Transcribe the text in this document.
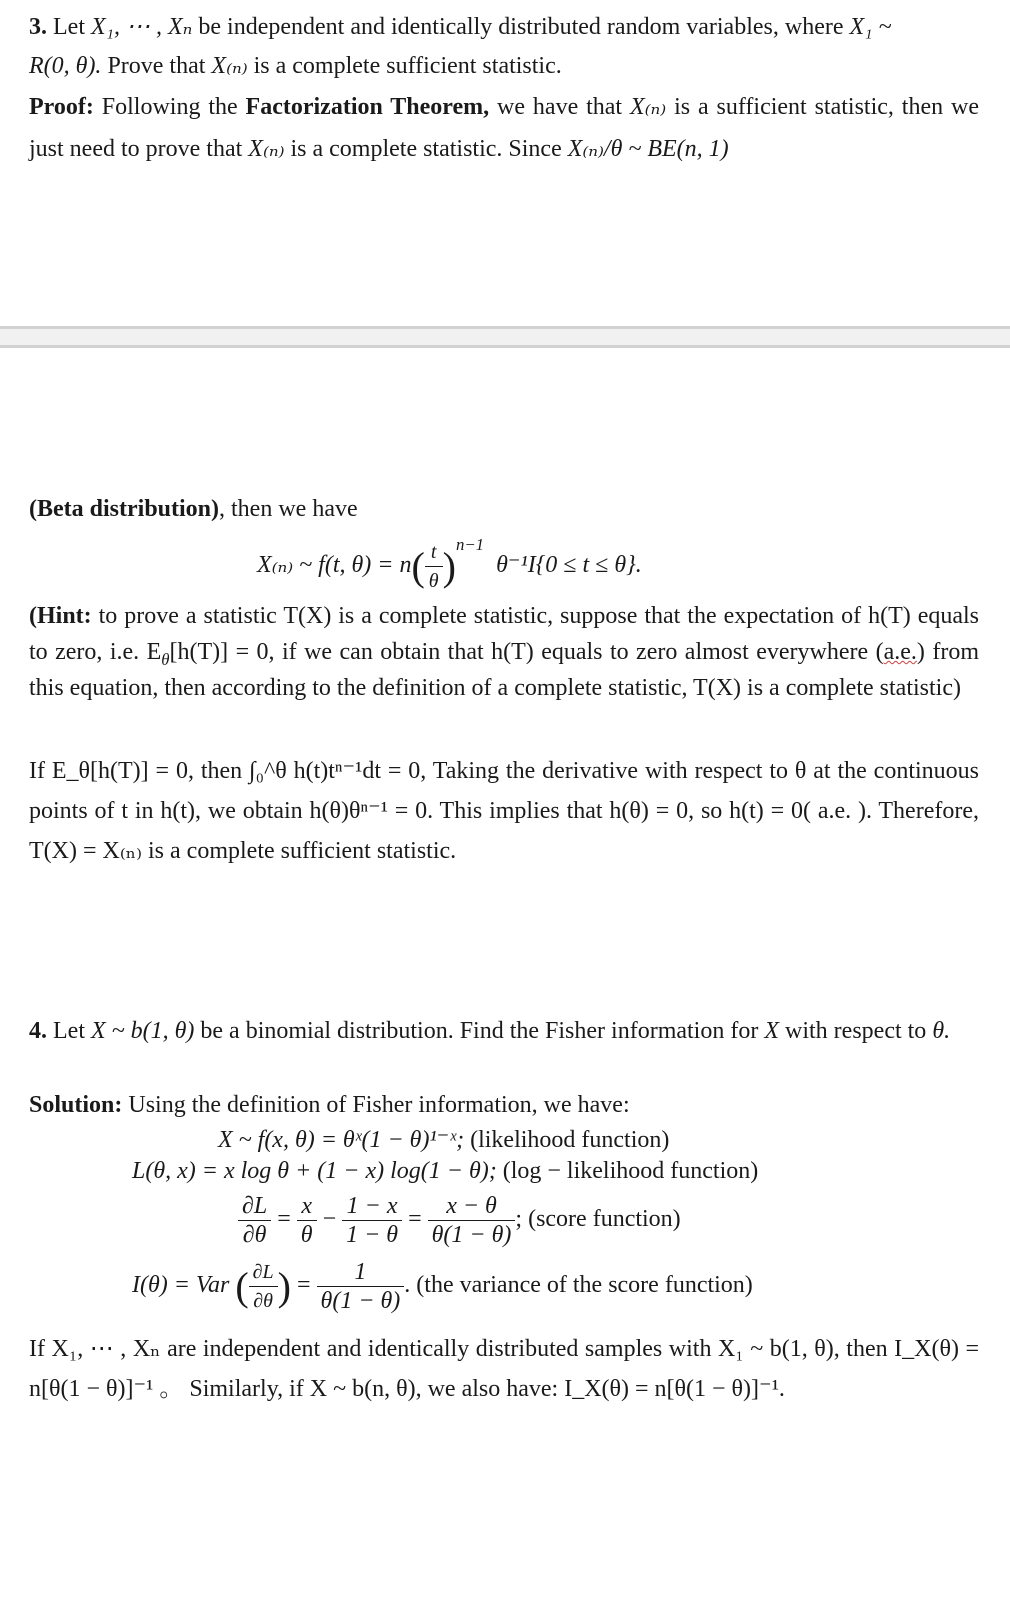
3. Let X₁, ⋯ , Xₙ be independent and identically distributed random variables, where X₁ ~
R(0, θ). Prove that X₍ₙ₎ is a complete sufficient statistic.
Proof: Following the Factorization Theorem, we have that X₍ₙ₎ is a sufficient statistic, then we just need to prove that X₍ₙ₎ is a complete statistic. Since X₍ₙ₎/θ ~ BE(n, 1)
(Beta distribution), then we have
X₍ₙ₎ ~ f(t, $\theta) = n( \frac{t}{\theta} )^{n-1}$ θ⁻¹I{0 ≤ t ≤ θ}.
(Hint: to prove a statistic T(X) is a complete statistic, suppose that the expectation of h(T) equals to zero, i.e. $E_\theta[h(T)] = 0$, if we can obtain that h(T) equals to zero almost everywhere (a.e.) from this equation, then according to the definition of a complete statistic, T(X) is a complete statistic)
If E_θ[h(T)] = 0, then ∫₀^θ h(t)tⁿ⁻¹dt = 0, Taking the derivative with respect to θ at the continuous points of t in h(t), we obtain h(θ)θⁿ⁻¹ = 0. This implies that h(θ) = 0, so h(t) = 0( a.e. ). Therefore, T(X) = X₍ₙ₎ is a complete sufficient statistic.
4. Let X ~ b(1, θ) be a binomial distribution. Find the Fisher information for X with respect to θ.
Solution: Using the definition of Fisher information, we have:
X ~ f(x, θ) = θˣ(1 − θ)¹⁻ˣ; (likelihood function)
L(θ, x) = x log θ + (1 − x) log(1 − θ); (log − likelihood function)
$\frac{\partial L}{\partial\theta} = \frac{x}{\theta} - \frac{1 - x}{1 - \theta} = \frac{x - \theta}{\theta(1 - \theta)}$ ; (score function)
I(θ) = Var ( $\frac{\partial L}{\partial\theta}$ ) = $\frac{1}{\theta(1 - \theta)}$ . (the variance of the score function)
If X₁, ⋯ , Xₙ are independent and identically distributed samples with X₁ ~ b(1, θ), then I_X(θ) = n[θ(1 − θ)]⁻¹ 。 Similarly, if X ~ b(n, θ), we also have: I_X(θ) = n[θ(1 − θ)]⁻¹.
